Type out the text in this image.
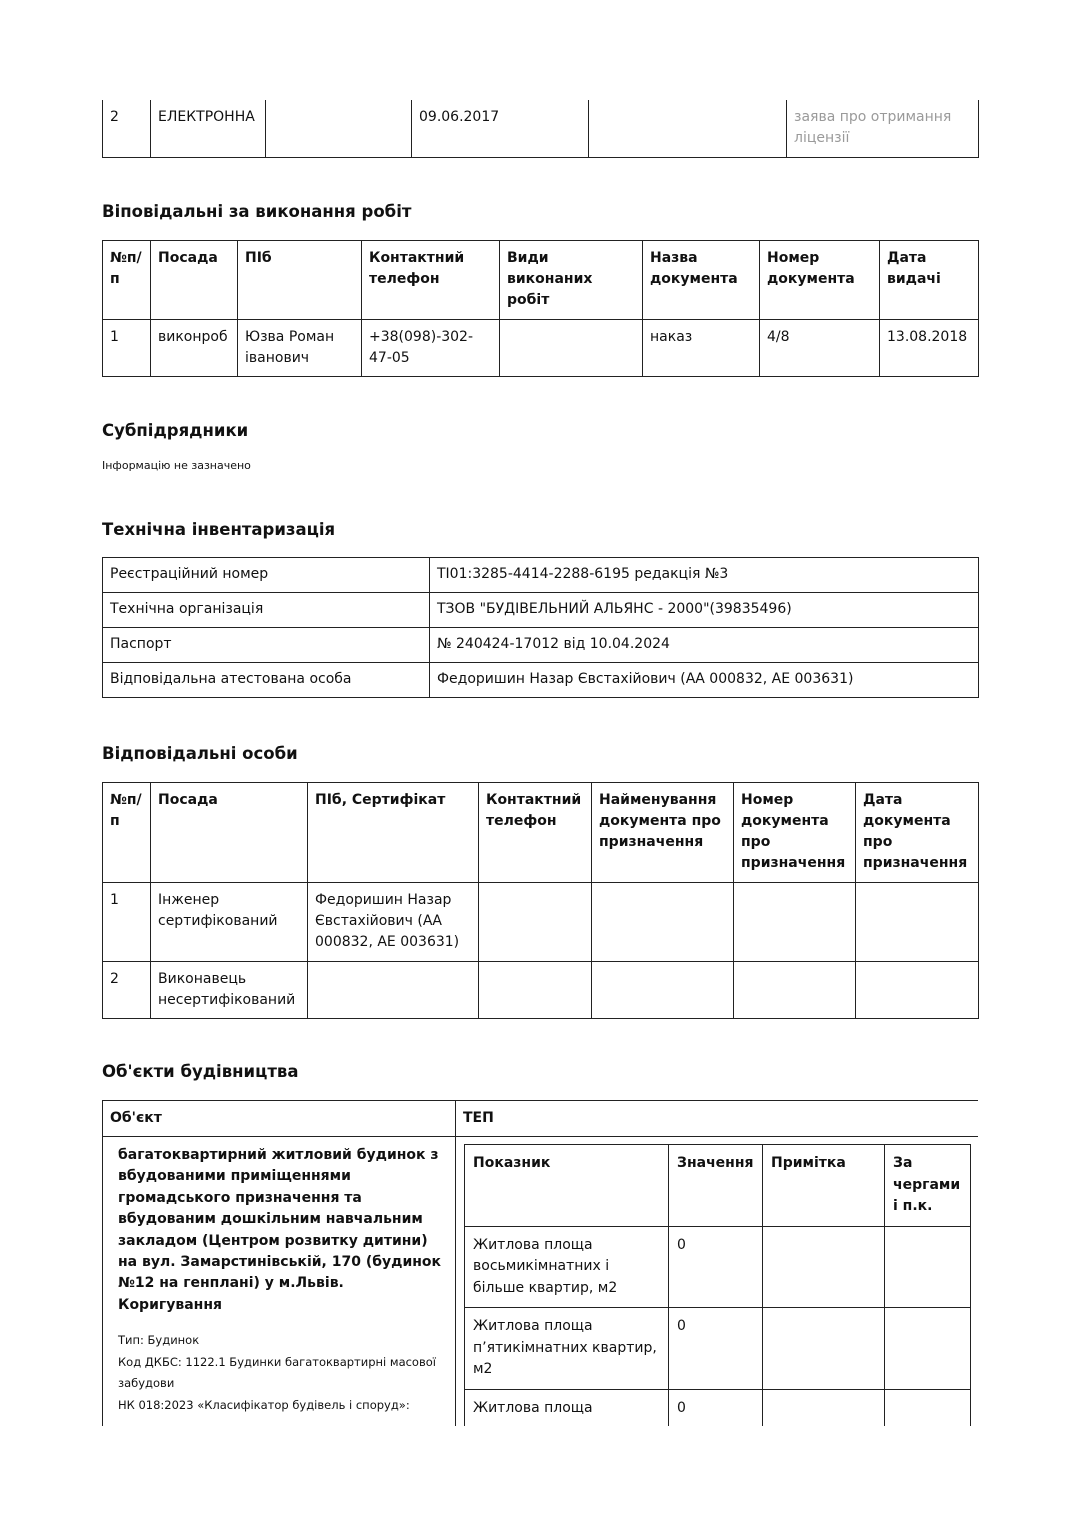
2	ЕЛЕКТРОННА		09.06.2017		заява про отримання ліцензії
Віповідальні за виконання робіт
№п/п	Посада	ПІб	Контактний телефон	Види виконаних робіт	Назва документа	Номер документа	Дата видачі
1	виконроб	Юзва Роман іванович	+38(098)-302-47-05		наказ	4/8	13.08.2018
Субпідрядники
Інформацію не зазначено
Технічна інвентаризація
Реєстраційний номер	ТІ01:3285-4414-2288-6195 редакція №3
Технічна організація	ТЗОВ "БУДІВЕЛЬНИЙ АЛЬЯНС - 2000"(39835496)
Паспорт	№ 240424-17012 від 10.04.2024
Відповідальна атестована особа	Федоришин Назар Євстахійович (АА 000832, АЕ 003631)
Відповідальні особи
№п/п	Посада	ПІб, Сертифікат	Контактний телефон	Найменування документа про призначення	Номер документа про призначення	Дата документа про призначення
1	Інженер сертифікований	Федоришин Назар Євстахійович (АА 000832, АЕ 003631)				
2	Виконавець несертифікований					
Об'єкти будівництва
Об'єкт	ТЕП

багатоквартирний житловий будинок з вбудованими приміщеннями громадського призначення та вбудованим дошкільним навчальним закладом (Центром розвитку дитини) на вул. Замарстинівській, 170 (будинок №12 на генплані) у м.Львів. Коригування
Тип: Будинок
Код ДКБС: 1122.1 Будинки багатоквартирні масової забудови
НК 018:2023 «Класифікатор будівель і споруд»:

Показник	Значення	Примітка	За чергами і п.к.
Житлова площа восьмикімнатних і більше квартир, м2	0		
Житлова площа п’ятикімнатних квартир, м2	0		
Житлова площа	0		
